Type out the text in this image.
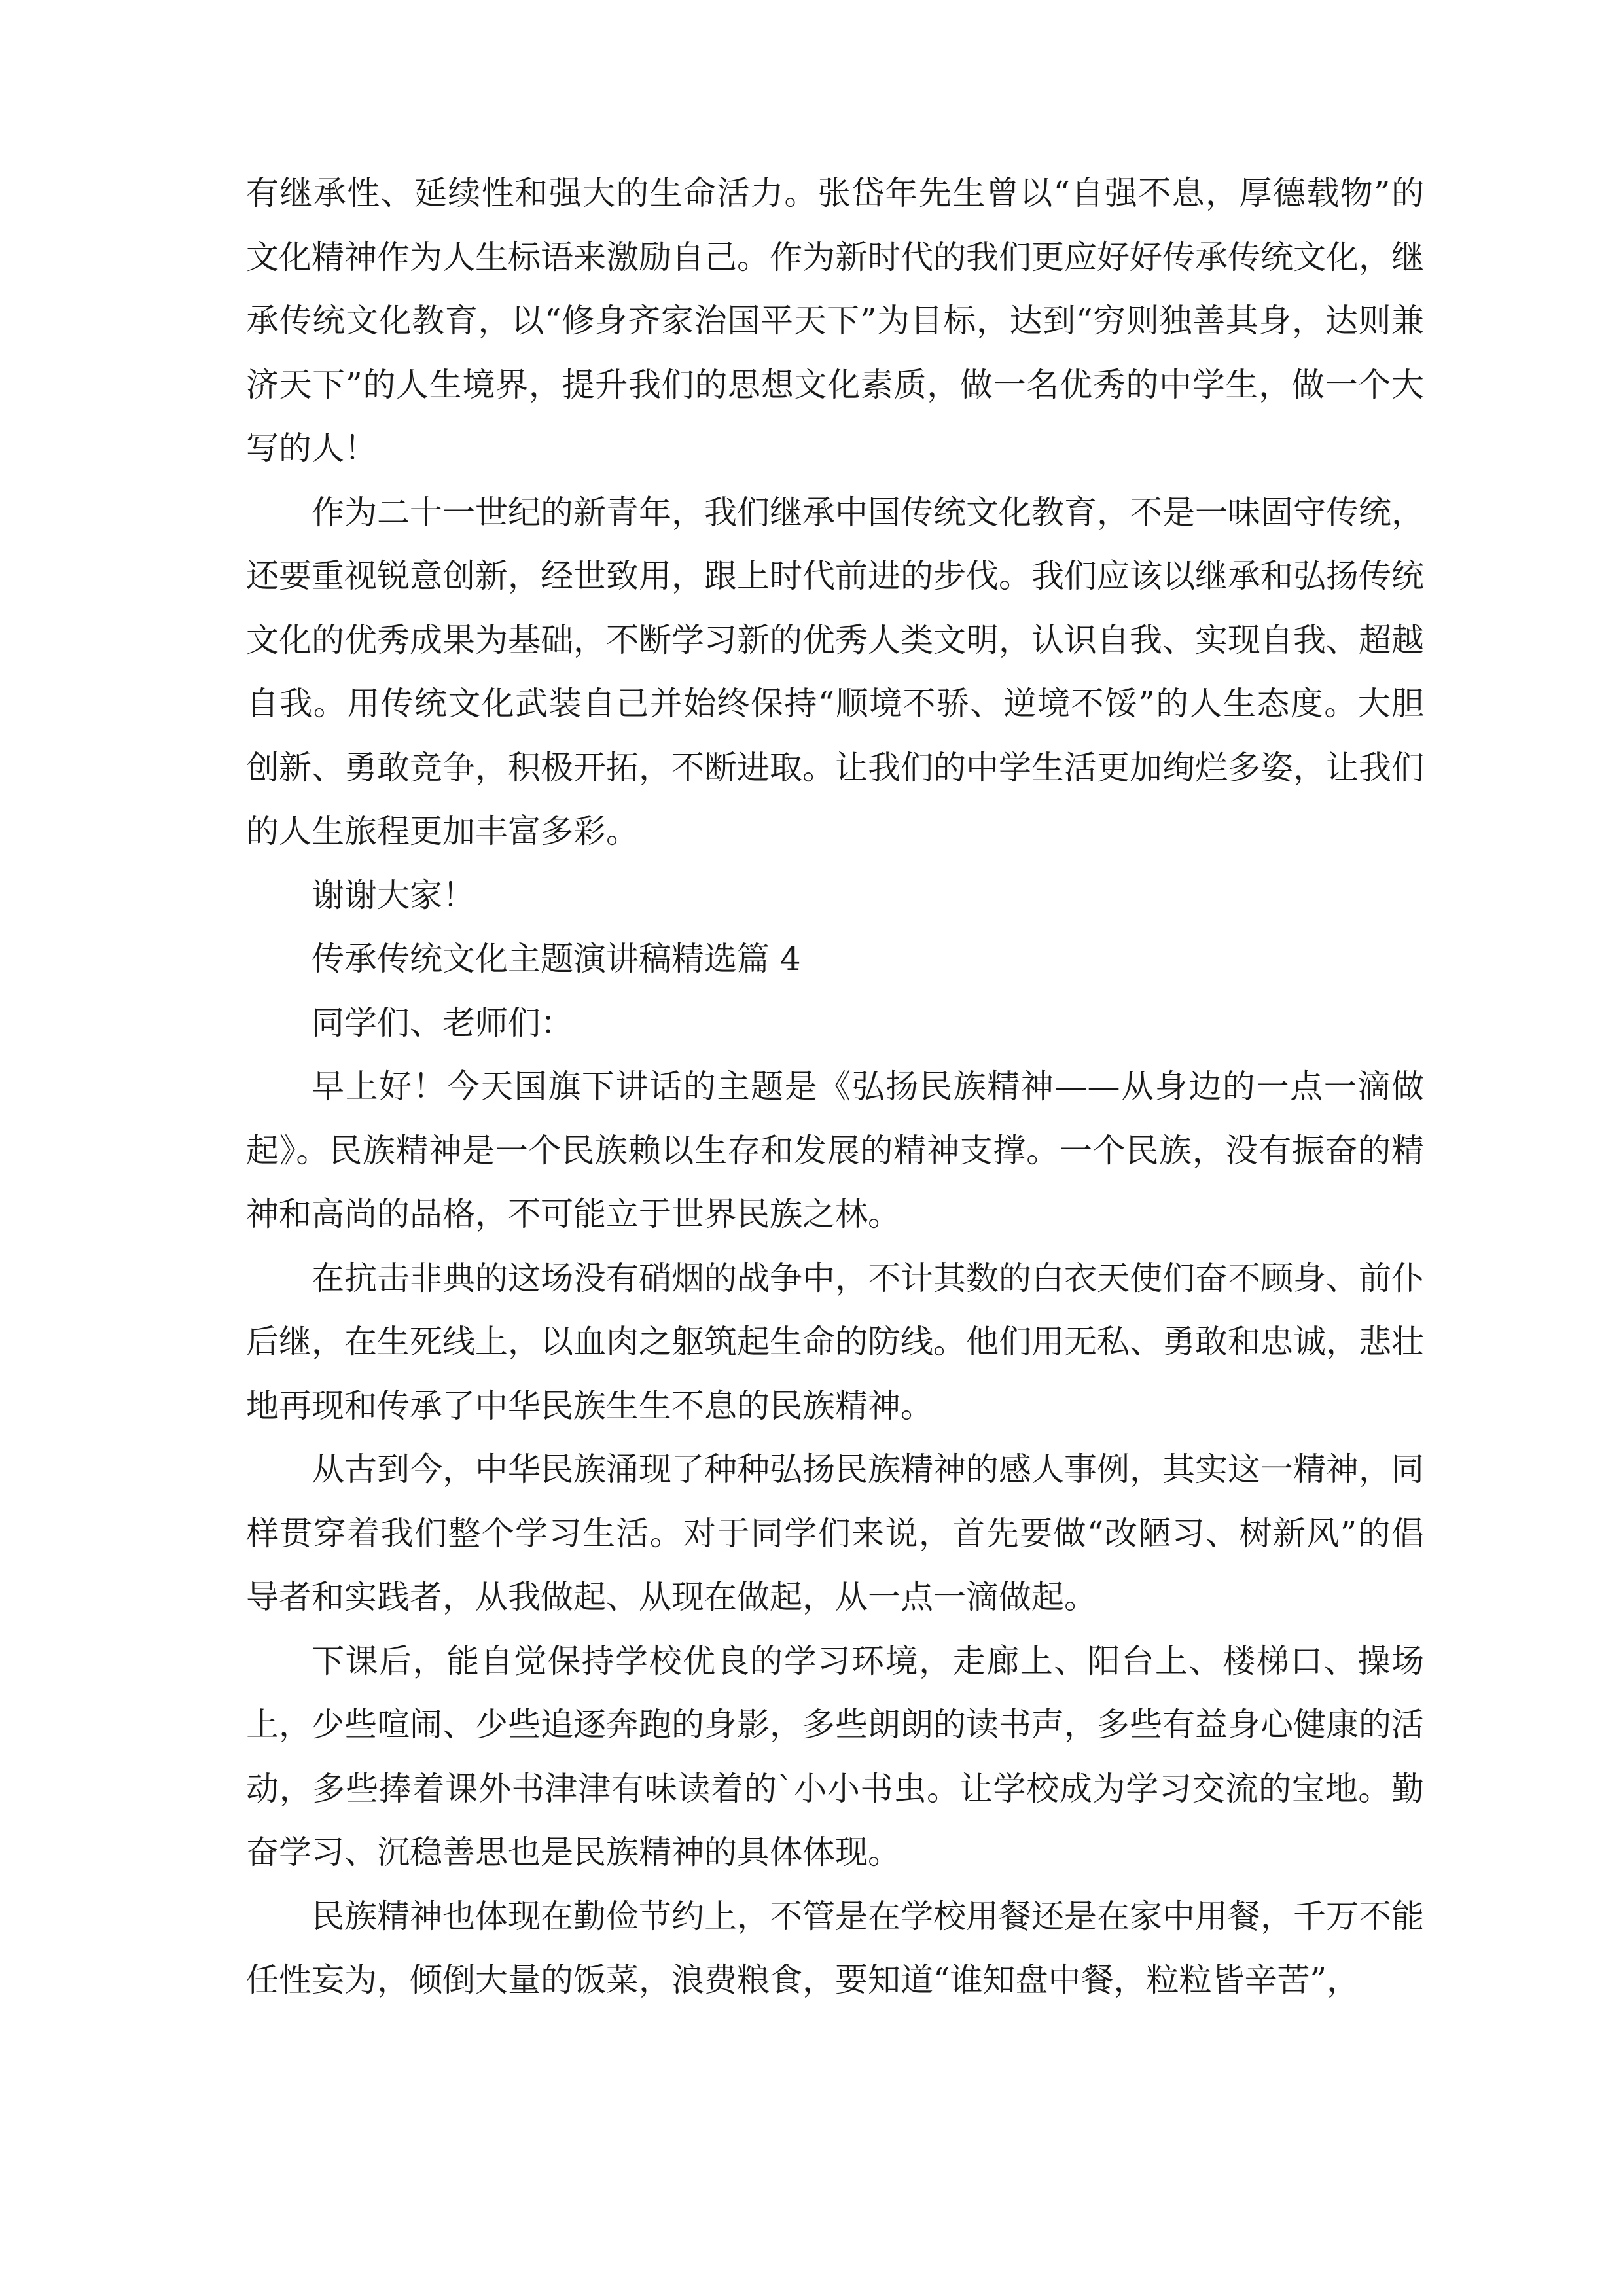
有继承性、延续性和强大的生命活力。张岱年先生曾以“自强不息，厚德载物”的文化精神作为人生标语来激励自己。作为新时代的我们更应好好传承传统文化，继承传统文化教育，以“修身齐家治国平天下”为目标，达到“穷则独善其身，达则兼济天下”的人生境界，提升我们的思想文化素质，做一名优秀的中学生，做一个大写的人！

作为二十一世纪的新青年，我们继承中国传统文化教育，不是一味固守传统，还要重视锐意创新，经世致用，跟上时代前进的步伐。我们应该以继承和弘扬传统文化的优秀成果为基础，不断学习新的优秀人类文明，认识自我、实现自我、超越自我。用传统文化武装自己并始终保持“顺境不骄、逆境不馁”的人生态度。大胆创新、勇敢竞争，积极开拓，不断进取。让我们的中学生活更加绚烂多姿，让我们的人生旅程更加丰富多彩。

谢谢大家！

传承传统文化主题演讲稿精选篇 4

同学们、老师们：

早上好！今天国旗下讲话的主题是《弘扬民族精神——从身边的一点一滴做起》。民族精神是一个民族赖以生存和发展的精神支撑。一个民族，没有振奋的精神和高尚的品格，不可能立于世界民族之林。

在抗击非典的这场没有硝烟的战争中，不计其数的白衣天使们奋不顾身、前仆后继，在生死线上，以血肉之躯筑起生命的防线。他们用无私、勇敢和忠诚，悲壮地再现和传承了中华民族生生不息的民族精神。

从古到今，中华民族涌现了种种弘扬民族精神的感人事例，其实这一精神，同样贯穿着我们整个学习生活。对于同学们来说，首先要做“改陋习、树新风”的倡导者和实践者，从我做起、从现在做起，从一点一滴做起。

下课后，能自觉保持学校优良的学习环境，走廊上、阳台上、楼梯口、操场上，少些喧闹、少些追逐奔跑的身影，多些朗朗的读书声，多些有益身心健康的活动，多些捧着课外书津津有味读着的`小小书虫。让学校成为学习交流的宝地。勤奋学习、沉稳善思也是民族精神的具体体现。

民族精神也体现在勤俭节约上，不管是在学校用餐还是在家中用餐，千万不能任性妄为，倾倒大量的饭菜，浪费粮食，要知道“谁知盘中餐，粒粒皆辛苦”，
